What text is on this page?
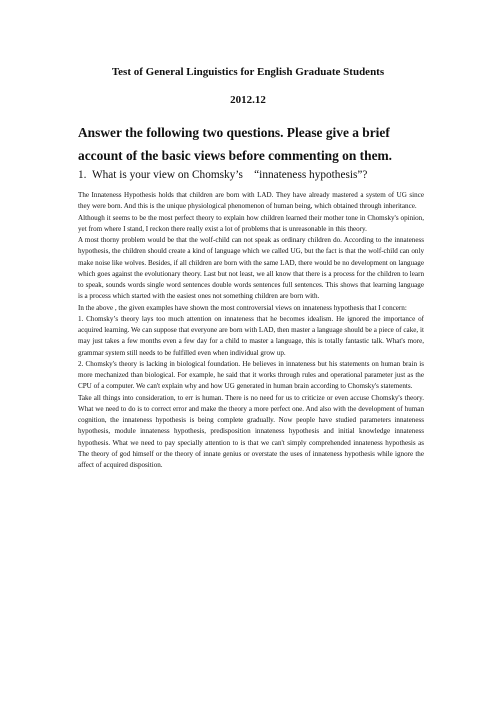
Test of General Linguistics for English Graduate Students
2012.12
Answer the following two questions. Please give a brief account of the basic views before commenting on them.
1. What is your view on Chomsky’s    “innateness hypothesis”?

The Innateness Hypothesis holds that children are born with LAD. They have already mastered a system of UG since they were born. And this is the unique physiological phenomenon of human being, which obtained through inheritance.

Although it seems to be the most perfect theory to explain how children learned their mother tone in Chomsky's opinion, yet from where I stand, I reckon there really exist a lot of problems that is unreasonable in this theory.

A most thorny problem would be that the wolf-child can not speak as ordinary children do. According to the innateness hypothesis, the children should create a kind of language which we called UG, but the fact is that the wolf-child can only make noise like wolves. Besides, if all children are born with the same LAD, there would be no development on language which goes against the evolutionary theory. Last but not least, we all know that there is a process for the children to learn to speak, sounds words single word sentences double words sentences full sentences. This shows that learning language is a process which started with the easiest ones not something children are born with.

In the above , the given examples have shown the most controversial views on innateness hypothesis that I concern:

1. Chomsky’s theory lays too much attention on innateness that he becomes idealism. He ignored the importance of acquired learning. We can suppose that everyone are born with LAD, then master a language should be a piece of cake, it may just takes a few months even a few day for a child to master a language, this is totally fantastic talk. What's more, grammar system still needs to be fulfilled even when individual grow up.

2. Chomsky's theory is lacking in biological foundation. He believes in innateness but his statements on human brain is more mechanized than biological. For example, he said that it works through rules and operational parameter just as the CPU of a computer. We can't explain why and how UG generated in human brain according to Chomsky's statements.

Take all things into consideration, to err is human. There is no need for us to criticize or even accuse Chomsky's theory. What we need to do is to correct error and make the theory a more perfect one. And also with the development of human cognition, the innateness hypothesis is being complete gradually. Now people have studied parameters innateness hypothesis, module innateness hypothesis, predisposition innateness hypothesis and initial knowledge innateness hypothesis. What we need to pay specially attention to is that we can't simply comprehended innateness hypothesis as The theory of god himself or the theory of innate genius or overstate the uses of innateness hypothesis while ignore the affect of acquired disposition.
